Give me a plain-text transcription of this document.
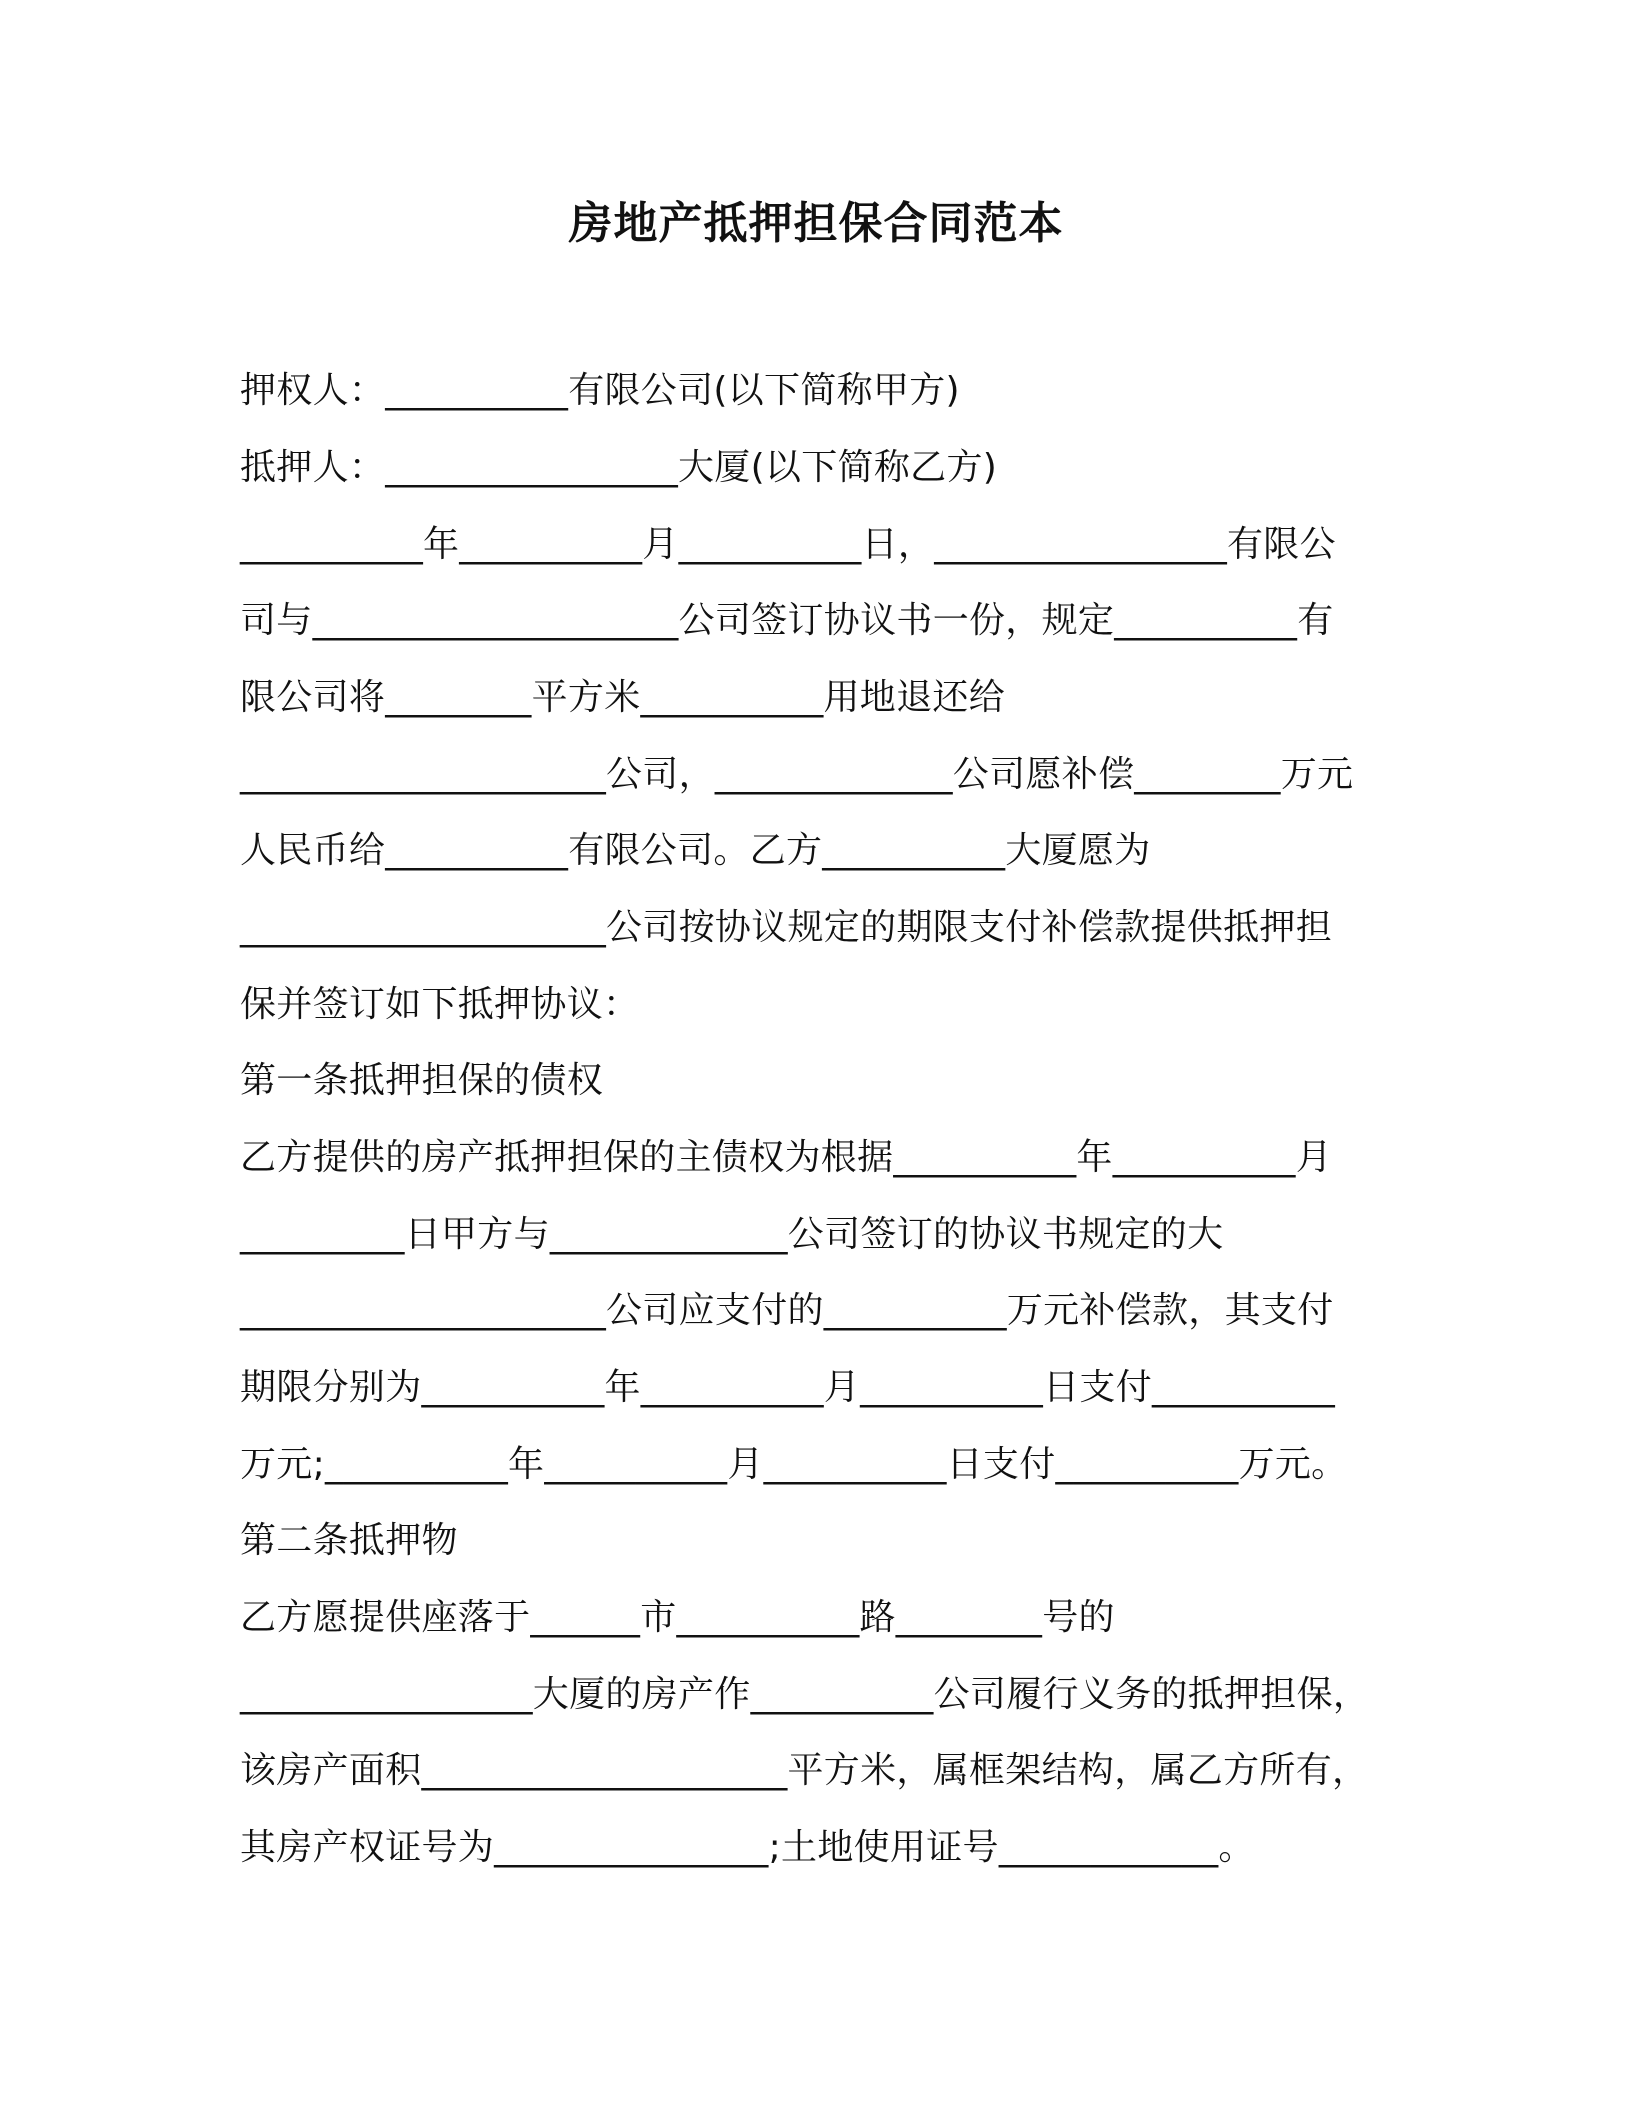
房地产抵押担保合同范本
押权人：__________有限公司(以下简称甲方)
抵押人：________________大厦(以下简称乙方)
__________年__________月__________日，________________有限公
司与____________________公司签订协议书一份，规定__________有
限公司将________平方米__________用地退还给
____________________公司，_____________公司愿补偿________万元
人民币给__________有限公司。乙方__________大厦愿为
____________________公司按协议规定的期限支付补偿款提供抵押担
保并签订如下抵押协议：
第一条抵押担保的债权
乙方提供的房产抵押担保的主债权为根据__________年__________月
_________日甲方与_____________公司签订的协议书规定的大
____________________公司应支付的__________万元补偿款，其支付
期限分别为__________年__________月__________日支付__________
万元;__________年__________月__________日支付__________万元。
第二条抵押物
乙方愿提供座落于______市__________路________号的
________________大厦的房产作__________公司履行义务的抵押担保，
该房产面积____________________平方米，属框架结构，属乙方所有，
其房产权证号为_______________;土地使用证号____________。
